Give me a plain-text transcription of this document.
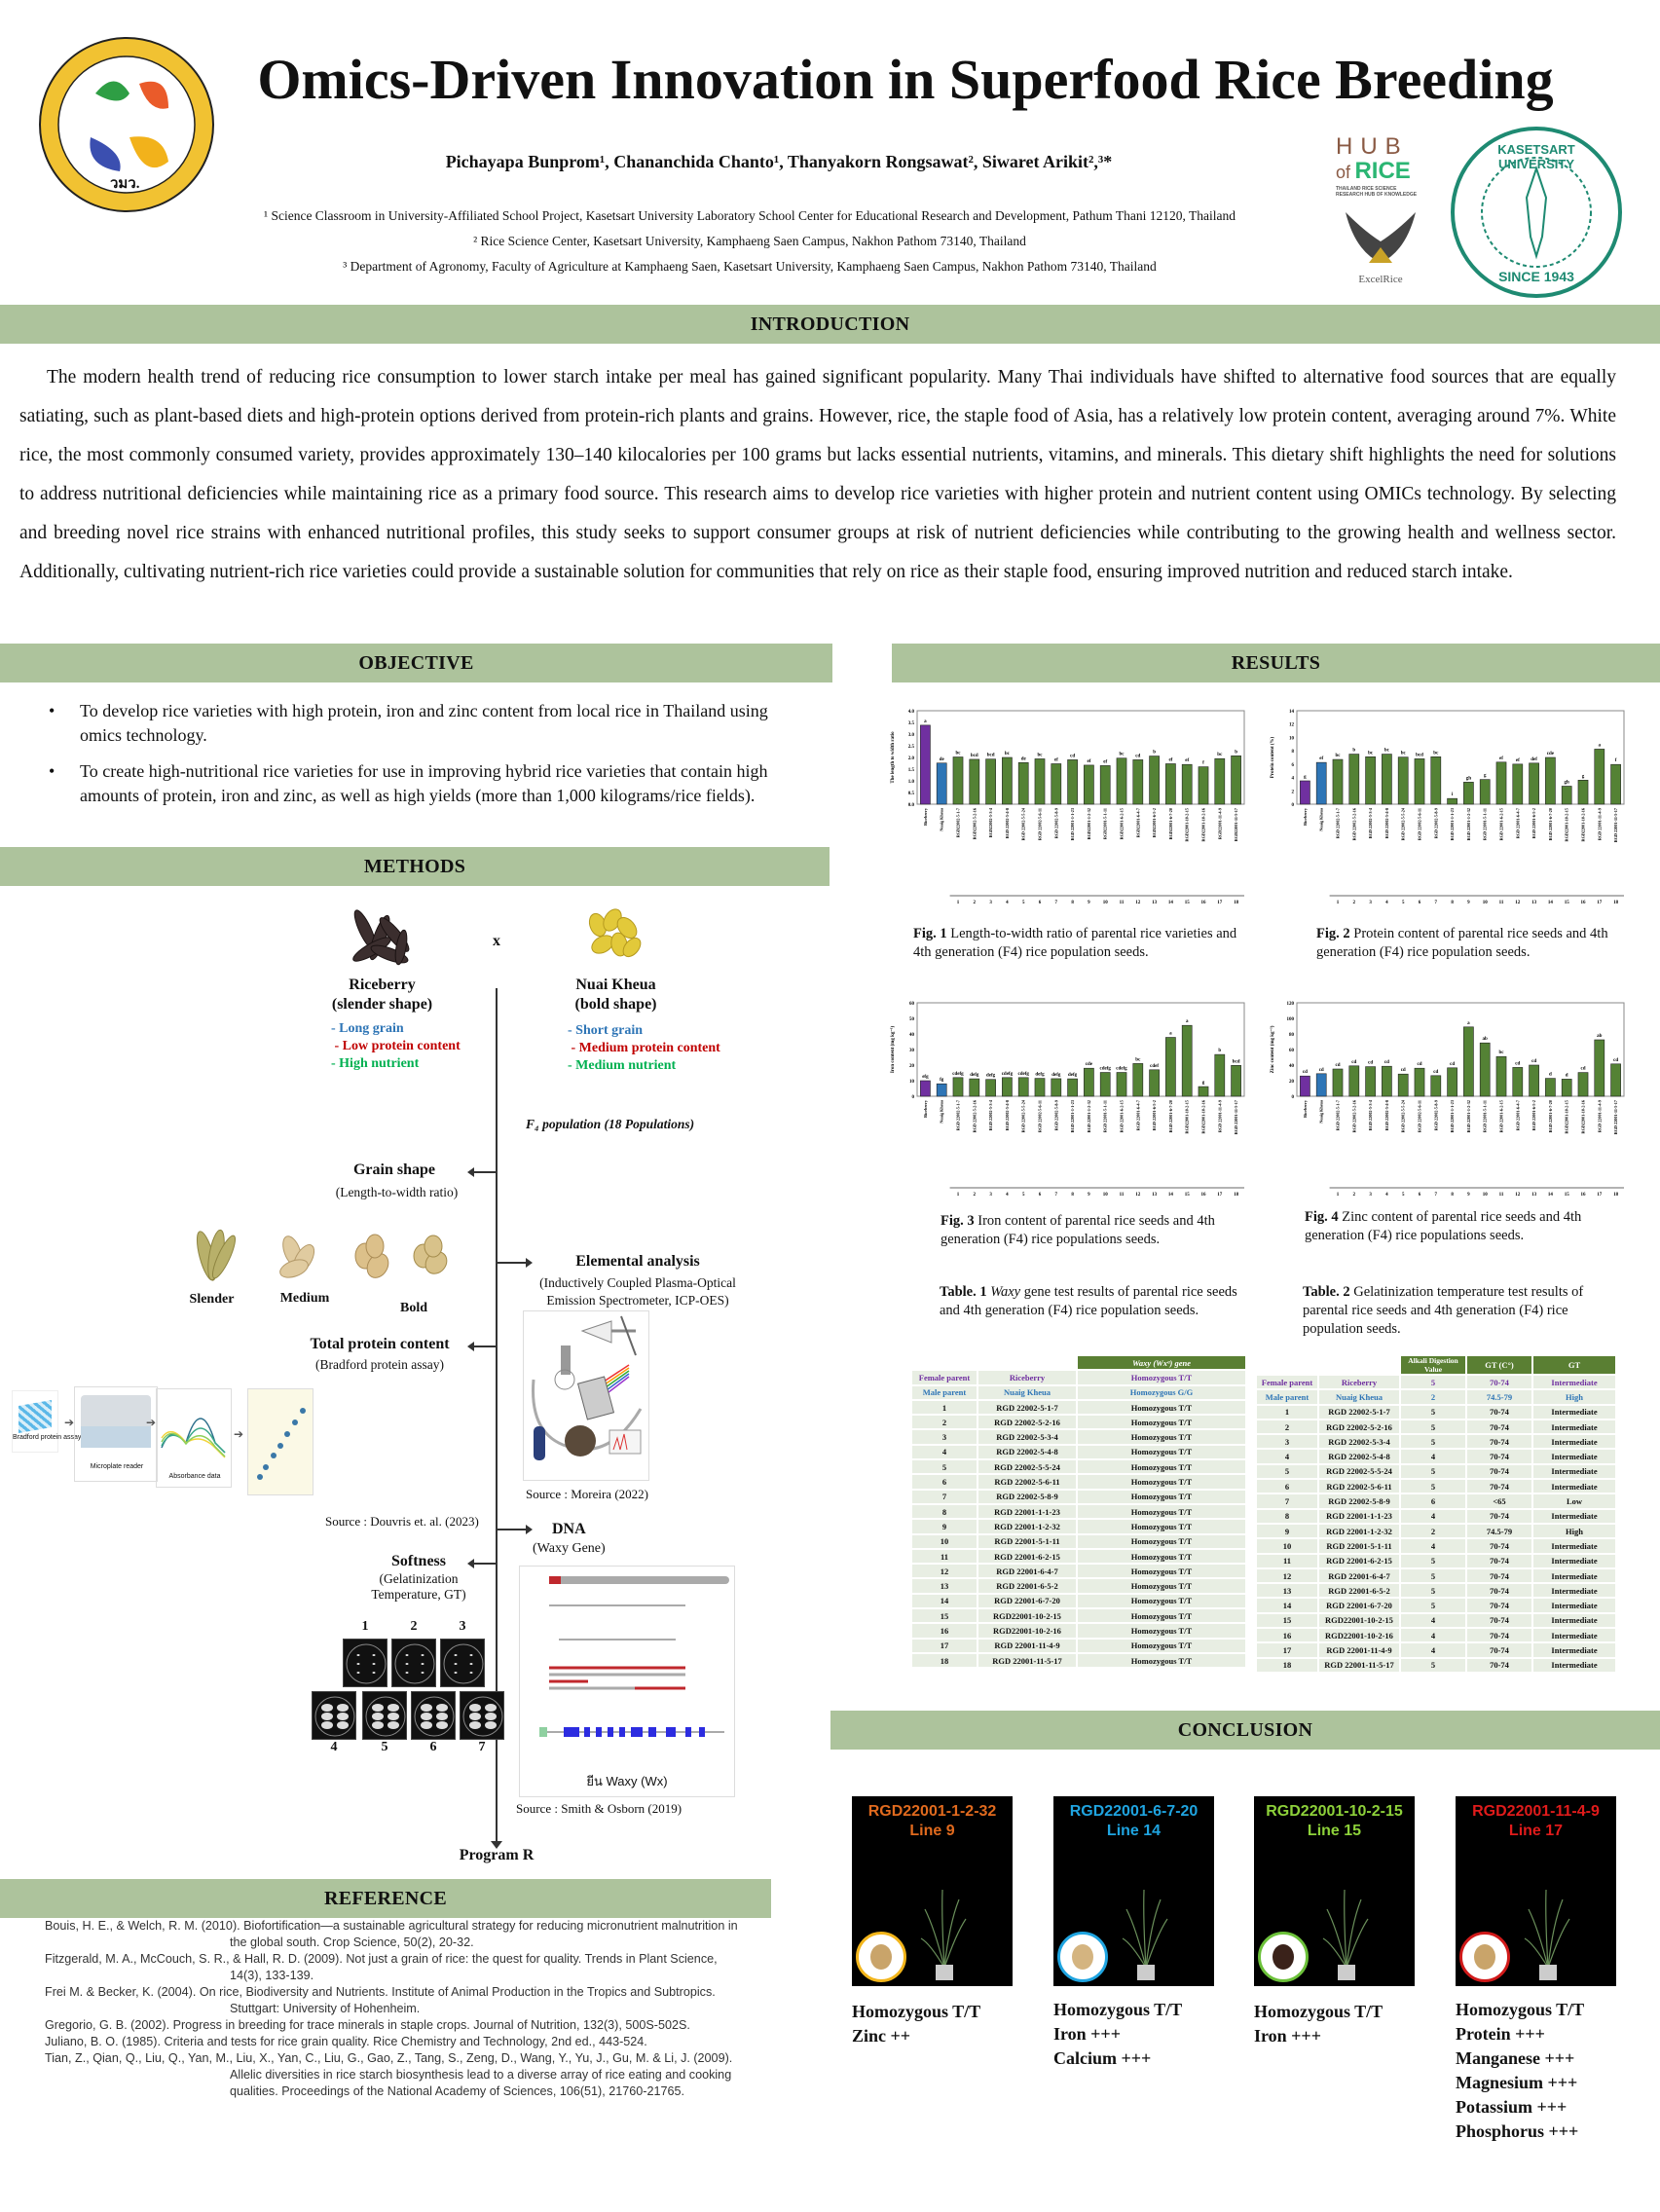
วมว.
Omics-Driven Innovation in Superfood Rice Breeding
Pichayapa Bunprom¹, Chananchida Chanto¹, Thanyakorn Rongsawat², Siwaret Arikit²,³*
¹ Science Classroom in University-Affiliated School Project, Kasetsart University Laboratory School Center for Educational Research and Development, Pathum Thani 12120, Thailand
² Rice Science Center, Kasetsart University, Kamphaeng Saen Campus, Nakhon Pathom 73140, Thailand
³ Department of Agronomy, Faculty of Agriculture at Kamphaeng Saen, Kasetsart University, Kamphaeng Saen Campus, Nakhon Pathom 73140, Thailand
HUB
of RICE
THAILAND RICE SCIENCE
RESEARCH HUB OF KNOWLEDGE
ExcelRice
KASETSART UNIVERSITY
SINCE 1943
INTRODUCTION
The modern health trend of reducing rice consumption to lower starch intake per meal has gained significant popularity. Many Thai individuals have shifted to alternative food sources that are equally satiating, such as plant-based diets and high-protein options derived from protein-rich plants and grains. However, rice, the staple food of Asia, has a relatively low protein content, averaging around 7%. White rice, the most commonly consumed variety, provides approximately 130–140 kilocalories per 100 grams but lacks essential nutrients, vitamins, and minerals. This dietary shift highlights the need for solutions to address nutritional deficiencies while maintaining rice as a primary food source. This research aims to develop rice varieties with higher protein and nutrient content using OMICs technology. By selecting and breeding novel rice strains with enhanced nutritional profiles, this study seeks to support consumer groups at risk of nutrient deficiencies while contributing to the growing health and wellness sector. Additionally, cultivating nutrient-rich rice varieties could provide a sustainable solution for communities that rely on rice as their staple food, ensuring improved nutrition and reduced starch intake.
OBJECTIVE
• To develop rice varieties with high protein, iron and zinc content from local rice in Thailand using omics technology.
• To create high-nutritional rice varieties for use in improving hybrid rice varieties that contain high amounts of protein, iron and zinc, as well as high yields (more than 1,000 kilograms/rice fields).
METHODS
x
Riceberry
(slender shape)
- Long grain
- Low protein content
- High nutrient
Nuai Kheua
(bold shape)
- Short grain
- Medium protein content
- Medium nutrient
F₄ population (18 Populations)
Grain shape
(Length-to-width ratio)
Slender	Medium
Bold
Elemental analysis
(Inductively Coupled Plasma-Optical
Emission Spectrometer, ICP-OES)
Source : Moreira (2022)
Total protein content
(Bradford protein assay)
Bradford protein assay
➔
Microplate reader
➔
Absorbance data
➔
Source : Douvris et. al. (2023)	DNA
(Waxy Gene)
ยีน Waxy (Wx)
Source : Smith & Osborn (2019)
Softness
(Gelatinization
Temperature, GT)
1	2	3
4	5	6	7
Program R
RESULTS
The length to width ratio
0.0
0.5
1.0
1.5
2.0
2.5
3.0
3.5
4.0
a
Riceberry
de
Nuaig Kheua
bc
RGD22002-5-1-7
1
bcd
RGD22002-5-2-16
2
bcd
RGD22002-5-3-4
3
bc
RGD 22002-5-4-8
4
de
RGD 22002-5-5-24
5
bc
RGD 22002-5-6-11
6
ef
RGD 22002-5-8-9
7
cd
RGD 22001-1-1-23
8
ef
RGD22001-1-2-32
9
ef
RGD22001-5-1-11
10
bc
RGD22001-6-2-15
11
cd
RGD22001-6-4-7
12
b
RGD22001-6-5-2
13
ef
RGD22001-6-7-20
14
ef
RGD22001-10-2-15
15
f
RGD22001-10-2-16
16
bc
RGD22001-11-4-9
17
b
RGD22001-11-5-17
18
Fig. 1 Length-to-width ratio of parental rice varieties and 4th generation (F4) rice population seeds.
Protein content (%)
0
2
4
6
8
10
12
14
g
Riceberry
ef
Nuaig Kheua
bc
RGD 22002-5-1-7
1
b
RGD 22002-5-2-16
2
bc
RGD 22002-5-3-4
3
bc
RGD 22002-5-4-8
4
bc
RGD 22002-5-5-24
5
bcd
RGD 22002-5-6-11
6
bc
RGD 22002-5-8-9
7
i
RGD 22001-1-1-23
8
gh
RGD 22001-1-2-32
9
g
RGD 22001-5-1-11
10
ef
RGD 22001-6-2-15
11
ef
RGD 22001-6-4-7
12
def
RGD 22001-6-5-2
13
cde
RGD 22001-6-7-20
14
gh
RGD22001-10-2-15
15
g
RGD22001-10-2-16
16
a
RGD 22001-11-4-9
17
f
RGD 22001-11-5-17
18
Fig. 2 Protein content of parental rice seeds and 4th generation (F4) rice population seeds.
Iron content (mg kg⁻¹)
0
10
20
30
40
50
60
efg
Riceberry
fg
Nuaig Kheua
cdefg
RGD 22002-5-1-7
1
defg
RGD 22002-5-2-16
2
defg
RGD 22002-5-3-4
3
cdefg
RGD 22002-5-4-8
4
cdefg
RGD 22002-5-5-24
5
defg
RGD 22002-5-6-11
6
defg
RGD 22002-5-8-9
7
defg
RGD 22001-1-1-23
8
cde
RGD 22001-1-2-32
9
cdefg
RGD 22001-5-1-11
10
cdefg
RGD 22001-6-2-15
11
bc
RGD 22001-6-4-7
12
cdef
RGD 22001-6-5-2
13
a
RGD 22001-6-7-20
14
a
RGD22001-10-2-15
15
g
RGD22001-10-2-16
16
b
RGD 22001-11-4-9
17
bcd
RGD 22001-11-5-17
18
Fig. 3 Iron content of parental rice seeds and 4th generation (F4) rice populations seeds.
Zinc content (mg kg⁻¹)
0
20
40
60
80
100
120
cd
Riceberry
cd
Nuaig Kheua
cd
RGD 22002-5-1-7
1
cd
RGD 22002-5-2-16
2
cd
RGD 22002-5-3-4
3
cd
RGD 22002-5-4-8
4
cd
RGD 22002-5-5-24
5
cd
RGD 22002-5-6-11
6
cd
RGD 22002-5-8-9
7
cd
RGD 22001-1-1-23
8
a
RGD 22001-1-2-32
9
ab
RGD 22001-5-1-11
10
bc
RGD 22001-6-2-15
11
cd
RGD 22001-6-4-7
12
cd
RGD 22001-6-5-2
13
d
RGD 22001-6-7-20
14
d
RGD22001-10-2-15
15
cd
RGD22001-10-2-16
16
ab
RGD 22001-11-4-9
17
cd
RGD 22001-11-5-17
18
Fig. 4 Zinc content of parental rice seeds and 4th generation (F4) rice populations seeds.
Table. 1 Waxy gene test results of parental rice seeds and 4th generation (F4) rice population seeds.
		Waxy (Wxᵃ) gene
Female parent	Riceberry	Homozygous T/T
Male parent	Nuaig Kheua	Homozygous G/G
1	RGD 22002-5-1-7	Homozygous T/T
2	RGD 22002-5-2-16	Homozygous T/T
3	RGD 22002-5-3-4	Homozygous T/T
4	RGD 22002-5-4-8	Homozygous T/T
5	RGD 22002-5-5-24	Homozygous T/T
6	RGD 22002-5-6-11	Homozygous T/T
7	RGD 22002-5-8-9	Homozygous T/T
8	RGD 22001-1-1-23	Homozygous T/T
9	RGD 22001-1-2-32	Homozygous T/T
10	RGD 22001-5-1-11	Homozygous T/T
11	RGD 22001-6-2-15	Homozygous T/T
12	RGD 22001-6-4-7	Homozygous T/T
13	RGD 22001-6-5-2	Homozygous T/T
14	RGD 22001-6-7-20	Homozygous T/T
15	RGD22001-10-2-15	Homozygous T/T
16	RGD22001-10-2-16	Homozygous T/T
17	RGD 22001-11-4-9	Homozygous T/T
18	RGD 22001-11-5-17	Homozygous T/T
Table. 2 Gelatinization temperature test results of parental rice seeds and 4th generation (F4) rice population seeds.
		Alkali Digestion Value	GT (C°)	GT
Female parent	Riceberry	5	70-74	Intermediate
Male parent	Nuaig Kheua	2	74.5-79	High
1	RGD 22002-5-1-7	5	70-74	Intermediate
2	RGD 22002-5-2-16	5	70-74	Intermediate
3	RGD 22002-5-3-4	5	70-74	Intermediate
4	RGD 22002-5-4-8	4	70-74	Intermediate
5	RGD 22002-5-5-24	5	70-74	Intermediate
6	RGD 22002-5-6-11	5	70-74	Intermediate
7	RGD 22002-5-8-9	6	<65	Low
8	RGD 22001-1-1-23	4	70-74	Intermediate
9	RGD 22001-1-2-32	2	74.5-79	High
10	RGD 22001-5-1-11	4	70-74	Intermediate
11	RGD 22001-6-2-15	5	70-74	Intermediate
12	RGD 22001-6-4-7	5	70-74	Intermediate
13	RGD 22001-6-5-2	5	70-74	Intermediate
14	RGD 22001-6-7-20	5	70-74	Intermediate
15	RGD22001-10-2-15	4	70-74	Intermediate
16	RGD22001-10-2-16	4	70-74	Intermediate
17	RGD 22001-11-4-9	4	70-74	Intermediate
18	RGD 22001-11-5-17	5	70-74	Intermediate
CONCLUSION
RGD22001-1-2-32
Line 9
Homozygous T/T
Zinc ++
RGD22001-6-7-20
Line 14
Homozygous T/T
Iron +++
Calcium +++
RGD22001-10-2-15
Line 15
Homozygous T/T
Iron +++
RGD22001-11-4-9
Line 17
Homozygous T/T
Protein +++
Manganese +++
Magnesium +++
Potassium +++
Phosphorus +++
REFERENCE

Bouis, H. E., & Welch, R. M. (2010). Biofortification—a sustainable agricultural strategy for reducing micronutrient malnutrition in the global south. Crop Science, 50(2), 20-32.

Fitzgerald, M. A., McCouch, S. R., & Hall, R. D. (2009). Not just a grain of rice: the quest for quality. Trends in Plant Science, 14(3), 133-139.

Frei M. & Becker, K. (2004). On rice, Biodiversity and Nutrients. Institute of Animal Production in the Tropics and Subtropics. Stuttgart: University of Hohenheim.

Gregorio, G. B. (2002). Progress in breeding for trace minerals in staple crops. Journal of Nutrition, 132(3), 500S-502S.

Juliano, B. O. (1985). Criteria and tests for rice grain quality. Rice Chemistry and Technology, 2nd ed., 443-524.

Tian, Z., Qian, Q., Liu, Q., Yan, M., Liu, X., Yan, C., Liu, G., Gao, Z., Tang, S., Zeng, D., Wang, Y., Yu, J., Gu, M. & Li, J. (2009). Allelic diversities in rice starch biosynthesis lead to a diverse array of rice eating and cooking qualities. Proceedings of the National Academy of Sciences, 106(51), 21760-21765.
